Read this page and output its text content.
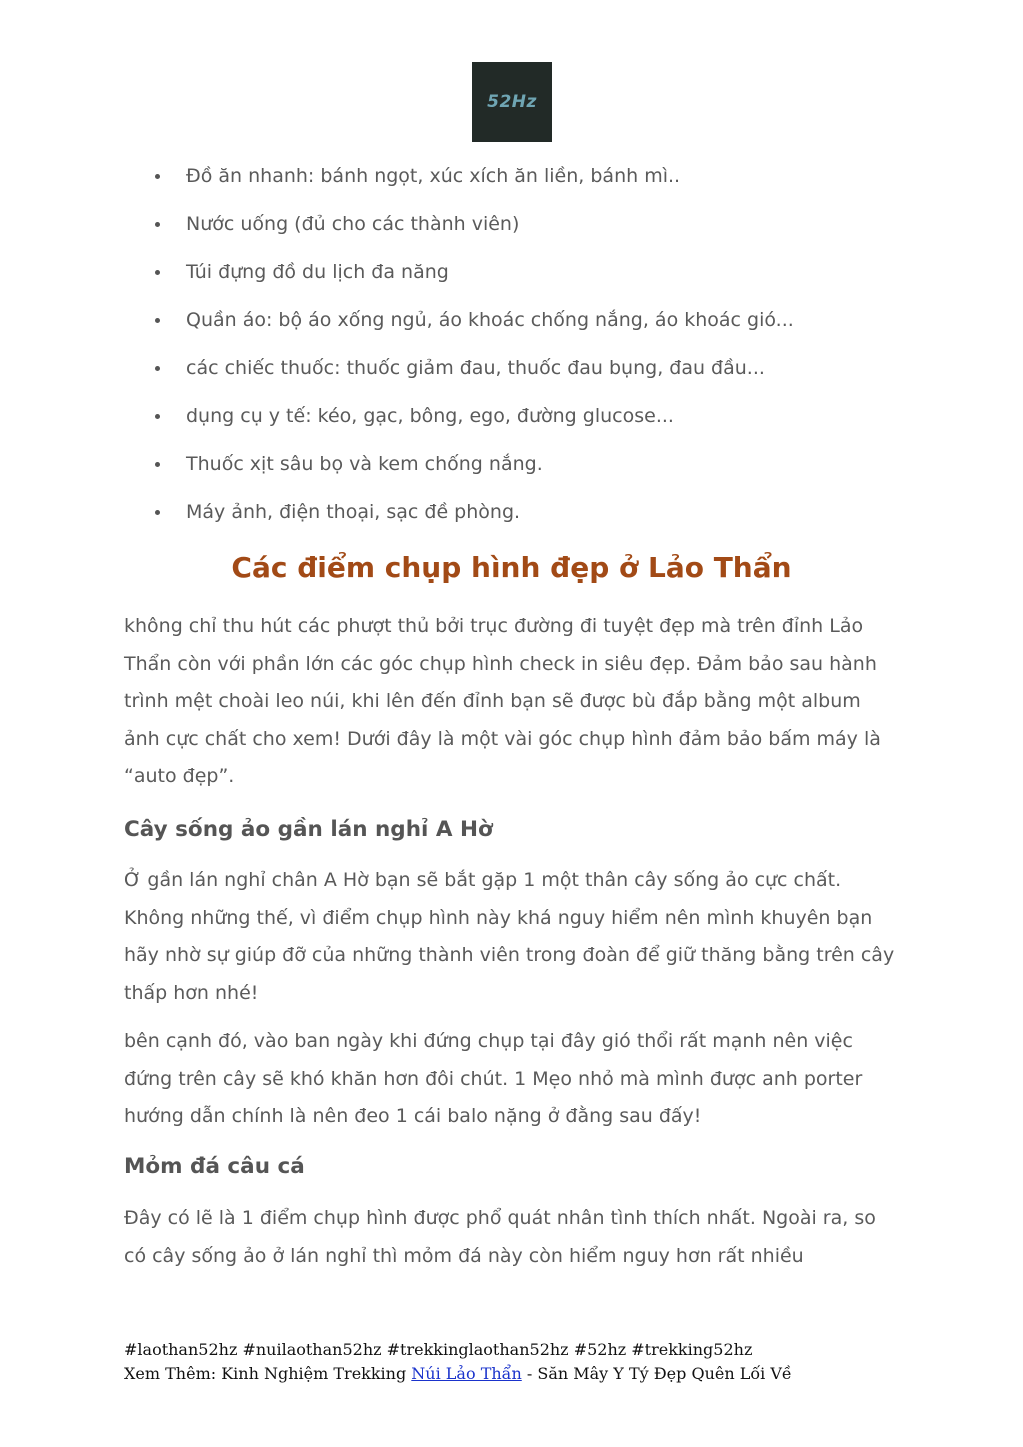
52Hz
Đồ ăn nhanh: bánh ngọt, xúc xích ăn liền, bánh mì..
Nước uống (đủ cho các thành viên)
Túi đựng đồ du lịch đa năng
Quần áo: bộ áo xống ngủ, áo khoác chống nắng, áo khoác gió...
các chiếc thuốc: thuốc giảm đau, thuốc đau bụng, đau đầu...
dụng cụ y tế: kéo, gạc, bông, ego, đường glucose...
Thuốc xịt sâu bọ và kem chống nắng.
Máy ảnh, điện thoại, sạc đề phòng.
Các điểm chụp hình đẹp ở Lảo Thẩn

không chỉ thu hút các phượt thủ bởi trục đường đi tuyệt đẹp mà trên đỉnh Lảo Thẩn còn với phần lớn các góc chụp hình check in siêu đẹp. Đảm bảo sau hành trình mệt choài leo núi, khi lên đến đỉnh bạn sẽ được bù đắp bằng một album ảnh cực chất cho xem! Dưới đây là một vài góc chụp hình đảm bảo bấm máy là “auto đẹp”.

Cây sống ảo gần lán nghỉ A Hờ

Ở gần lán nghỉ chân A Hờ bạn sẽ bắt gặp 1 một thân cây sống ảo cực chất. Không những thế, vì điểm chụp hình này khá nguy hiểm nên mình khuyên bạn hãy nhờ sự giúp đỡ của những thành viên trong đoàn để giữ thăng bằng trên cây thấp hơn nhé!

bên cạnh đó, vào ban ngày khi đứng chụp tại đây gió thổi rất mạnh nên việc đứng trên cây sẽ khó khăn hơn đôi chút. 1 Mẹo nhỏ mà mình được anh porter hướng dẫn chính là nên đeo 1 cái balo nặng ở đằng sau đấy!

Mỏm đá câu cá

Đây có lẽ là 1 điểm chụp hình được phổ quát nhân tình thích nhất. Ngoài ra, so có cây sống ảo ở lán nghỉ thì mỏm đá này còn hiểm nguy hơn rất nhiều

#laothan52hz #nuilaothan52hz #trekkinglaothan52hz #52hz #trekking52hz
Xem Thêm: Kinh Nghiệm Trekking Núi Lảo Thẩn - Săn Mây Y Tý Đẹp Quên Lối Về
